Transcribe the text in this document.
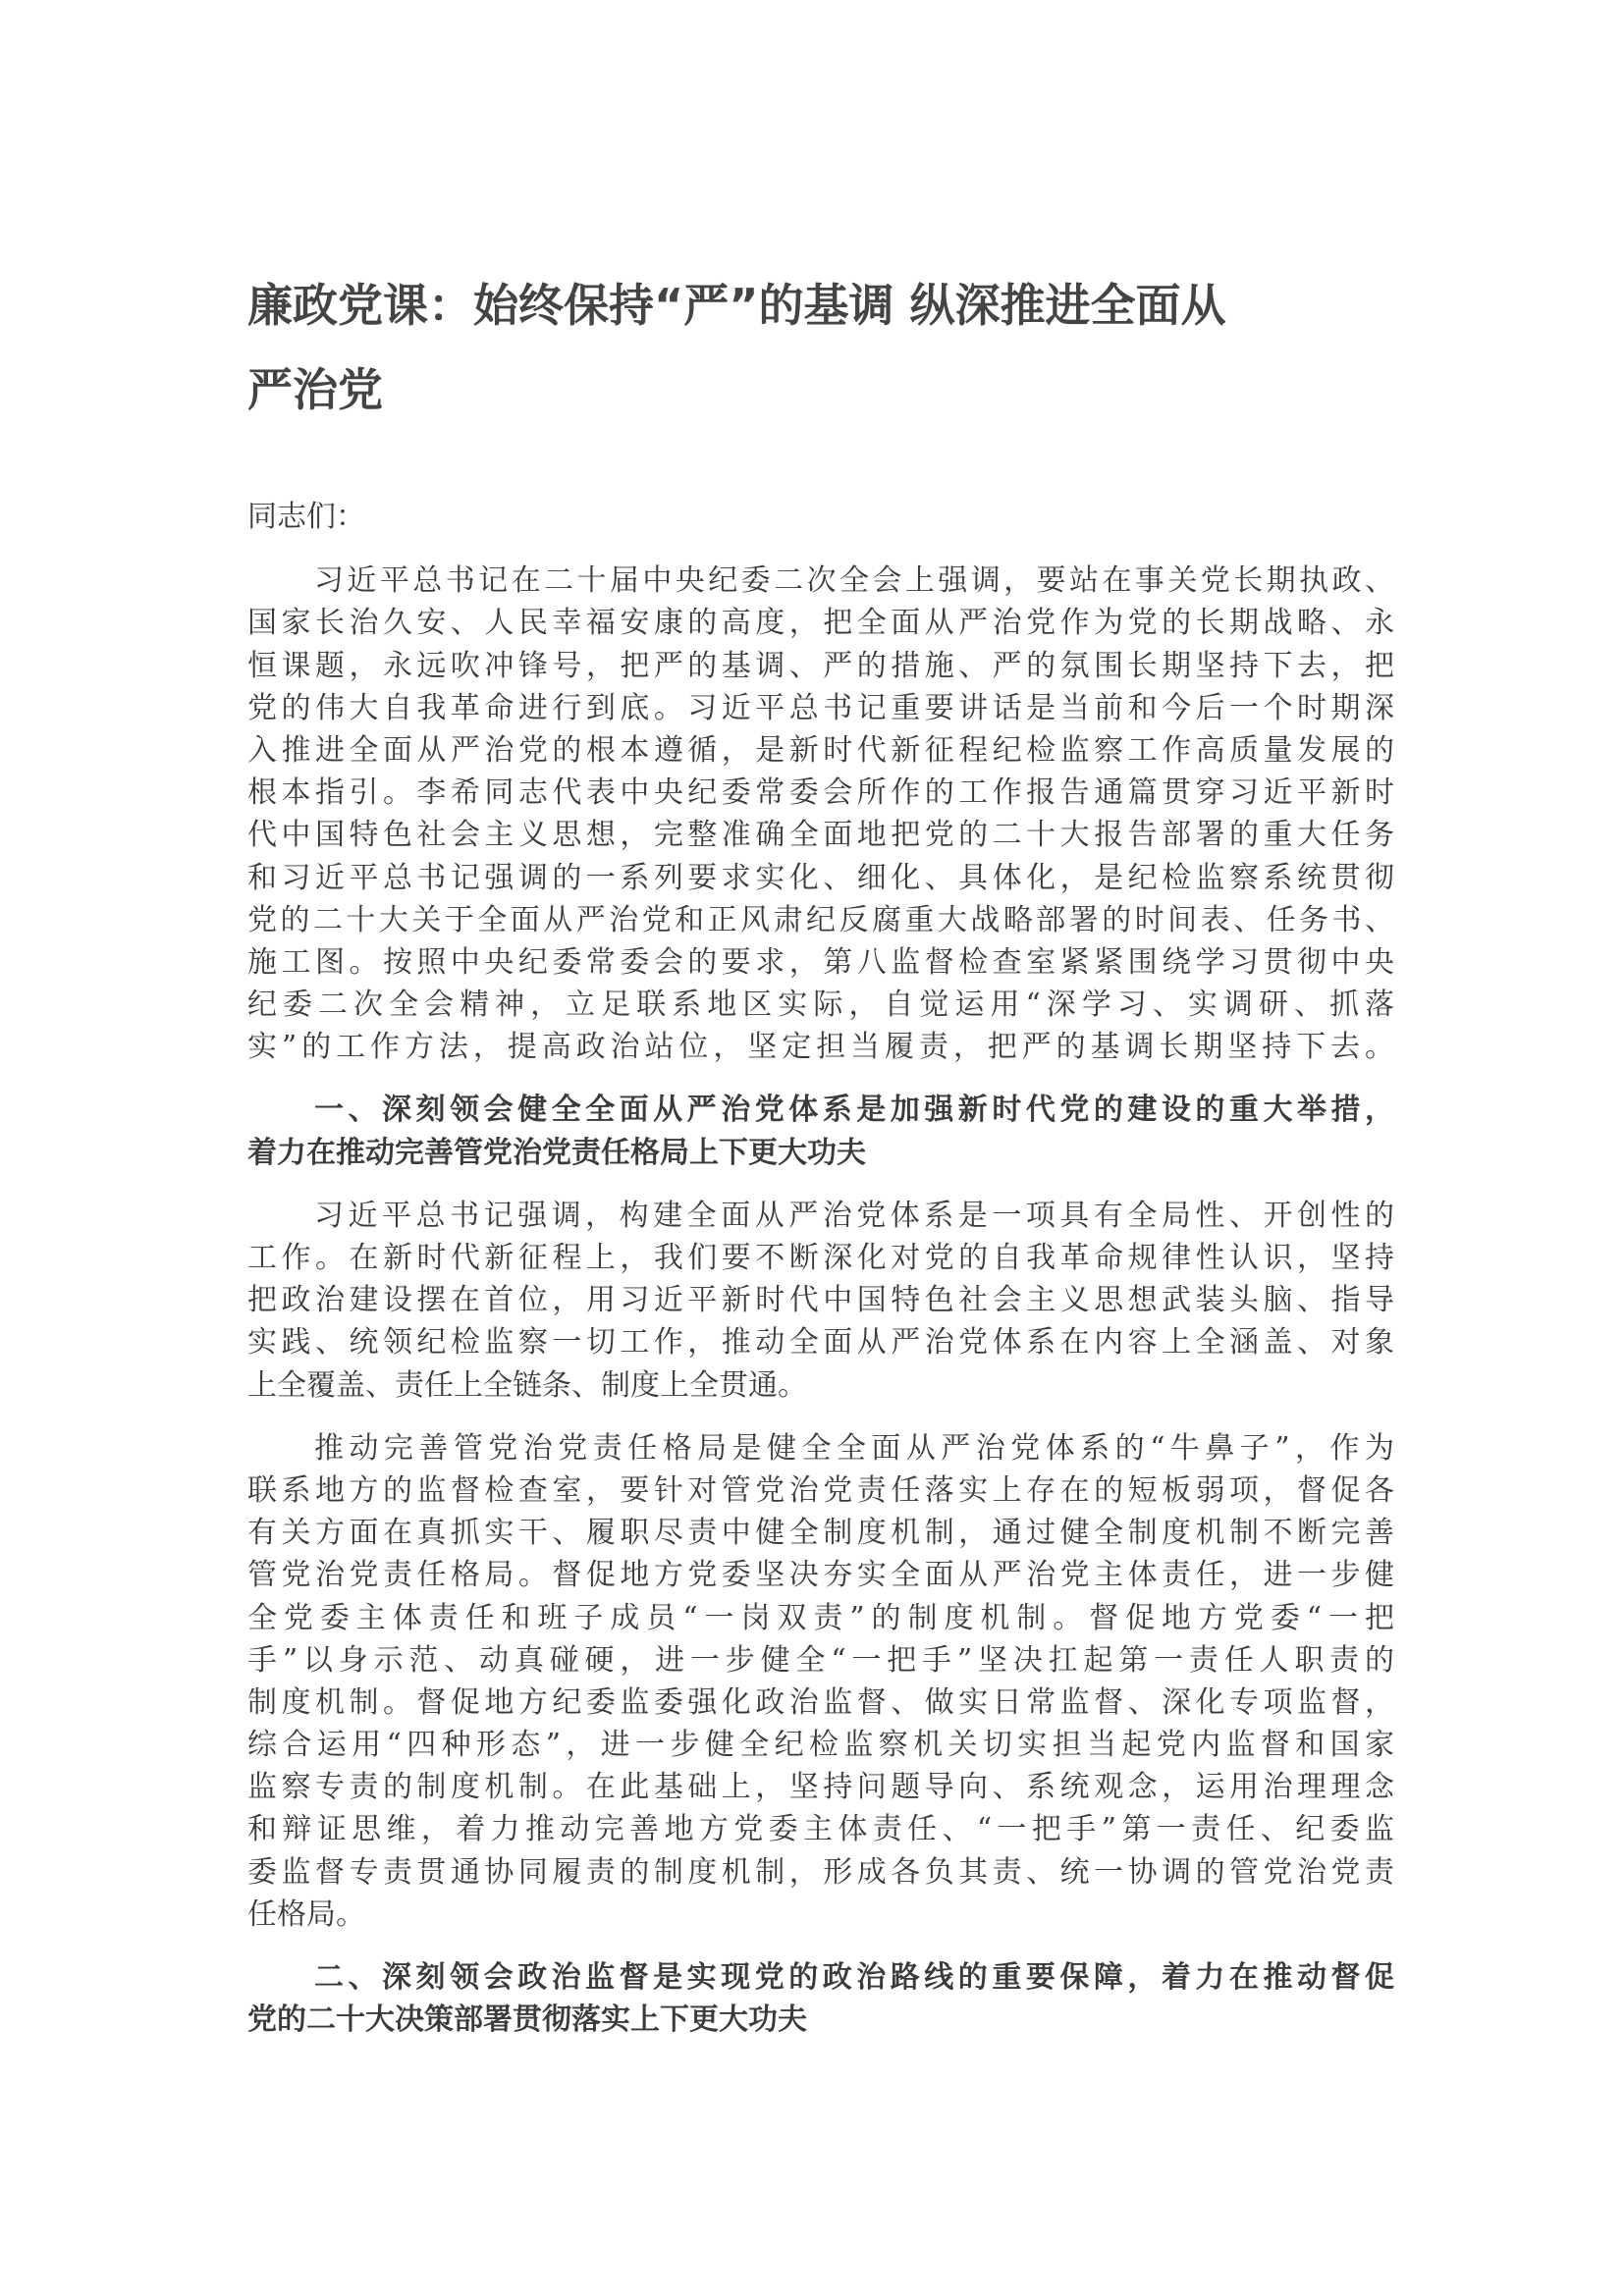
廉政党课：始终保持“严”的基调 纵深推进全面从
严治党

同志们：

习近平总书记在二十届中央纪委二次全会上强调，要站在事关党长期执政、
国家长治久安、人民幸福安康的高度，把全面从严治党作为党的长期战略、永
恒课题，永远吹冲锋号，把严的基调、严的措施、严的氛围长期坚持下去，把
党的伟大自我革命进行到底。习近平总书记重要讲话是当前和今后一个时期深
入推进全面从严治党的根本遵循，是新时代新征程纪检监察工作高质量发展的
根本指引。李希同志代表中央纪委常委会所作的工作报告通篇贯穿习近平新时
代中国特色社会主义思想，完整准确全面地把党的二十大报告部署的重大任务
和习近平总书记强调的一系列要求实化、细化、具体化，是纪检监察系统贯彻
党的二十大关于全面从严治党和正风肃纪反腐重大战略部署的时间表、任务书、
施工图。按照中央纪委常委会的要求，第八监督检查室紧紧围绕学习贯彻中央
纪委二次全会精神，立足联系地区实际，自觉运用“深学习、实调研、抓落
实”的工作方法，提高政治站位，坚定担当履责，把严的基调长期坚持下去。

一、深刻领会健全全面从严治党体系是加强新时代党的建设的重大举措，
着力在推动完善管党治党责任格局上下更大功夫

习近平总书记强调，构建全面从严治党体系是一项具有全局性、开创性的
工作。在新时代新征程上，我们要不断深化对党的自我革命规律性认识，坚持
把政治建设摆在首位，用习近平新时代中国特色社会主义思想武装头脑、指导
实践、统领纪检监察一切工作，推动全面从严治党体系在内容上全涵盖、对象
上全覆盖、责任上全链条、制度上全贯通。

推动完善管党治党责任格局是健全全面从严治党体系的“牛鼻子”，作为
联系地方的监督检查室，要针对管党治党责任落实上存在的短板弱项，督促各
有关方面在真抓实干、履职尽责中健全制度机制，通过健全制度机制不断完善
管党治党责任格局。督促地方党委坚决夯实全面从严治党主体责任，进一步健
全党委主体责任和班子成员“一岗双责”的制度机制。督促地方党委“一把
手”以身示范、动真碰硬，进一步健全“一把手”坚决扛起第一责任人职责的
制度机制。督促地方纪委监委强化政治监督、做实日常监督、深化专项监督，
综合运用“四种形态”，进一步健全纪检监察机关切实担当起党内监督和国家
监察专责的制度机制。在此基础上，坚持问题导向、系统观念，运用治理理念
和辩证思维，着力推动完善地方党委主体责任、“一把手”第一责任、纪委监
委监督专责贯通协同履责的制度机制，形成各负其责、统一协调的管党治党责
任格局。

二、深刻领会政治监督是实现党的政治路线的重要保障，着力在推动督促
党的二十大决策部署贯彻落实上下更大功夫
